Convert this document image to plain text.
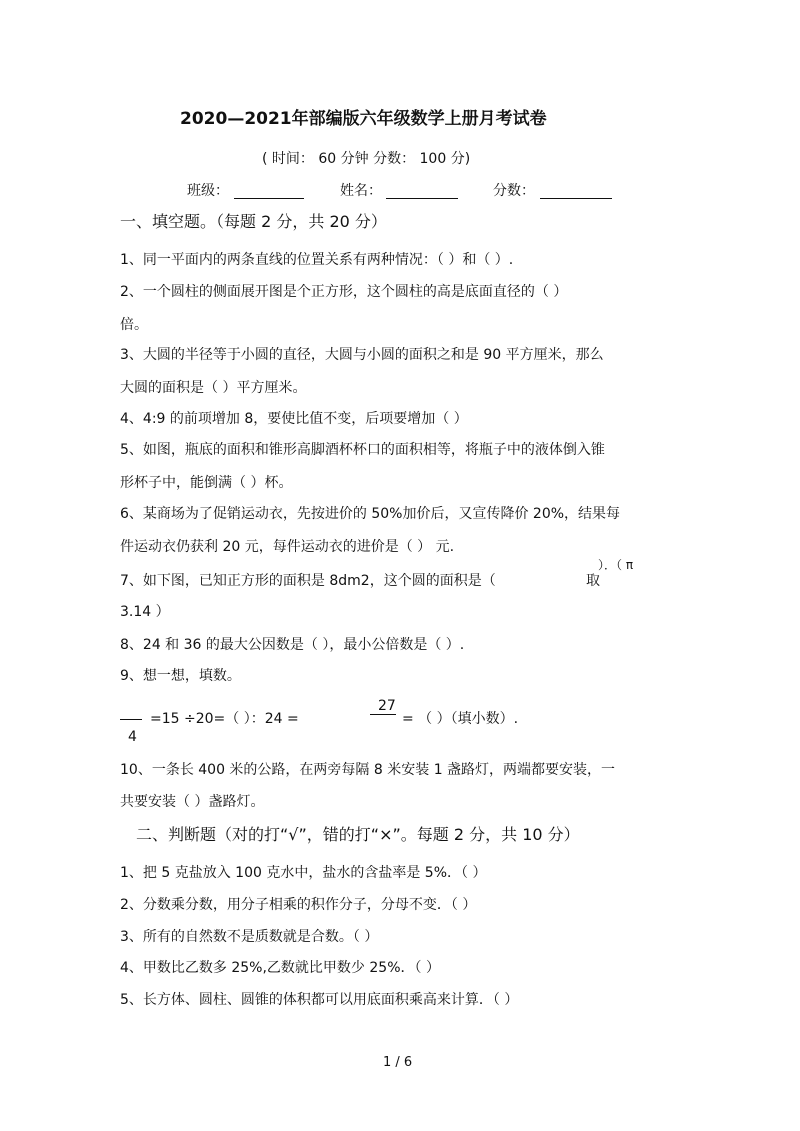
2020—2021年部编版六年级数学上册月考试卷
( 时间： 60 分钟 分数： 100 分)
班级：	姓名：	分数：
一、填空题。（每题 2 分，共 20 分）
1、同一平面内的两条直线的位置关系有两种情况：（ ）和（ ）.
2、一个圆柱的侧面展开图是个正方形，这个圆柱的高是底面直径的（ ）
倍。
3、大圆的半径等于小圆的直径，大圆与小圆的面积之和是 90 平方厘米，那么
大圆的面积是（ ）平方厘米。
4、4:9 的前项增加 8，要使比值不变，后项要增加（ ）
5、如图，瓶底的面积和锥形高脚酒杯杯口的面积相等，将瓶子中的液体倒入锥
形杯子中，能倒满（ ）杯。
6、某商场为了促销运动衣，先按进价的 50%加价后，又宣传降价 20%，结果每
件运动衣仍获利 20 元，每件运动衣的进价是（ ） 元.
）．（ π
7、如下图，已知正方形的面积是 8dm2，这个圆的面积是（	取
3.14 ）
8、24 和 36 的最大公因数是（ ），最小公倍数是（ ）.
9、想一想，填数。
=15 ÷20=（ ）：24 =
27
= （ ）（填小数）.
4
10、一条长 400 米的公路，在两旁每隔 8 米安装 1 盏路灯，两端都要安装，一
共要安装（ ）盏路灯。
二、判断题（对的打“√”，错的打“×”。每题 2 分，共 10 分）
1、把 5 克盐放入 100 克水中，盐水的含盐率是 5%．（ ）
2、分数乘分数，用分子相乘的积作分子，分母不变．（ ）
3、所有的自然数不是质数就是合数。（ ）
4、甲数比乙数多 25%,乙数就比甲数少 25%．（ ）
5、长方体、圆柱、圆锥的体积都可以用底面积乘高来计算．（ ）
1 / 6
